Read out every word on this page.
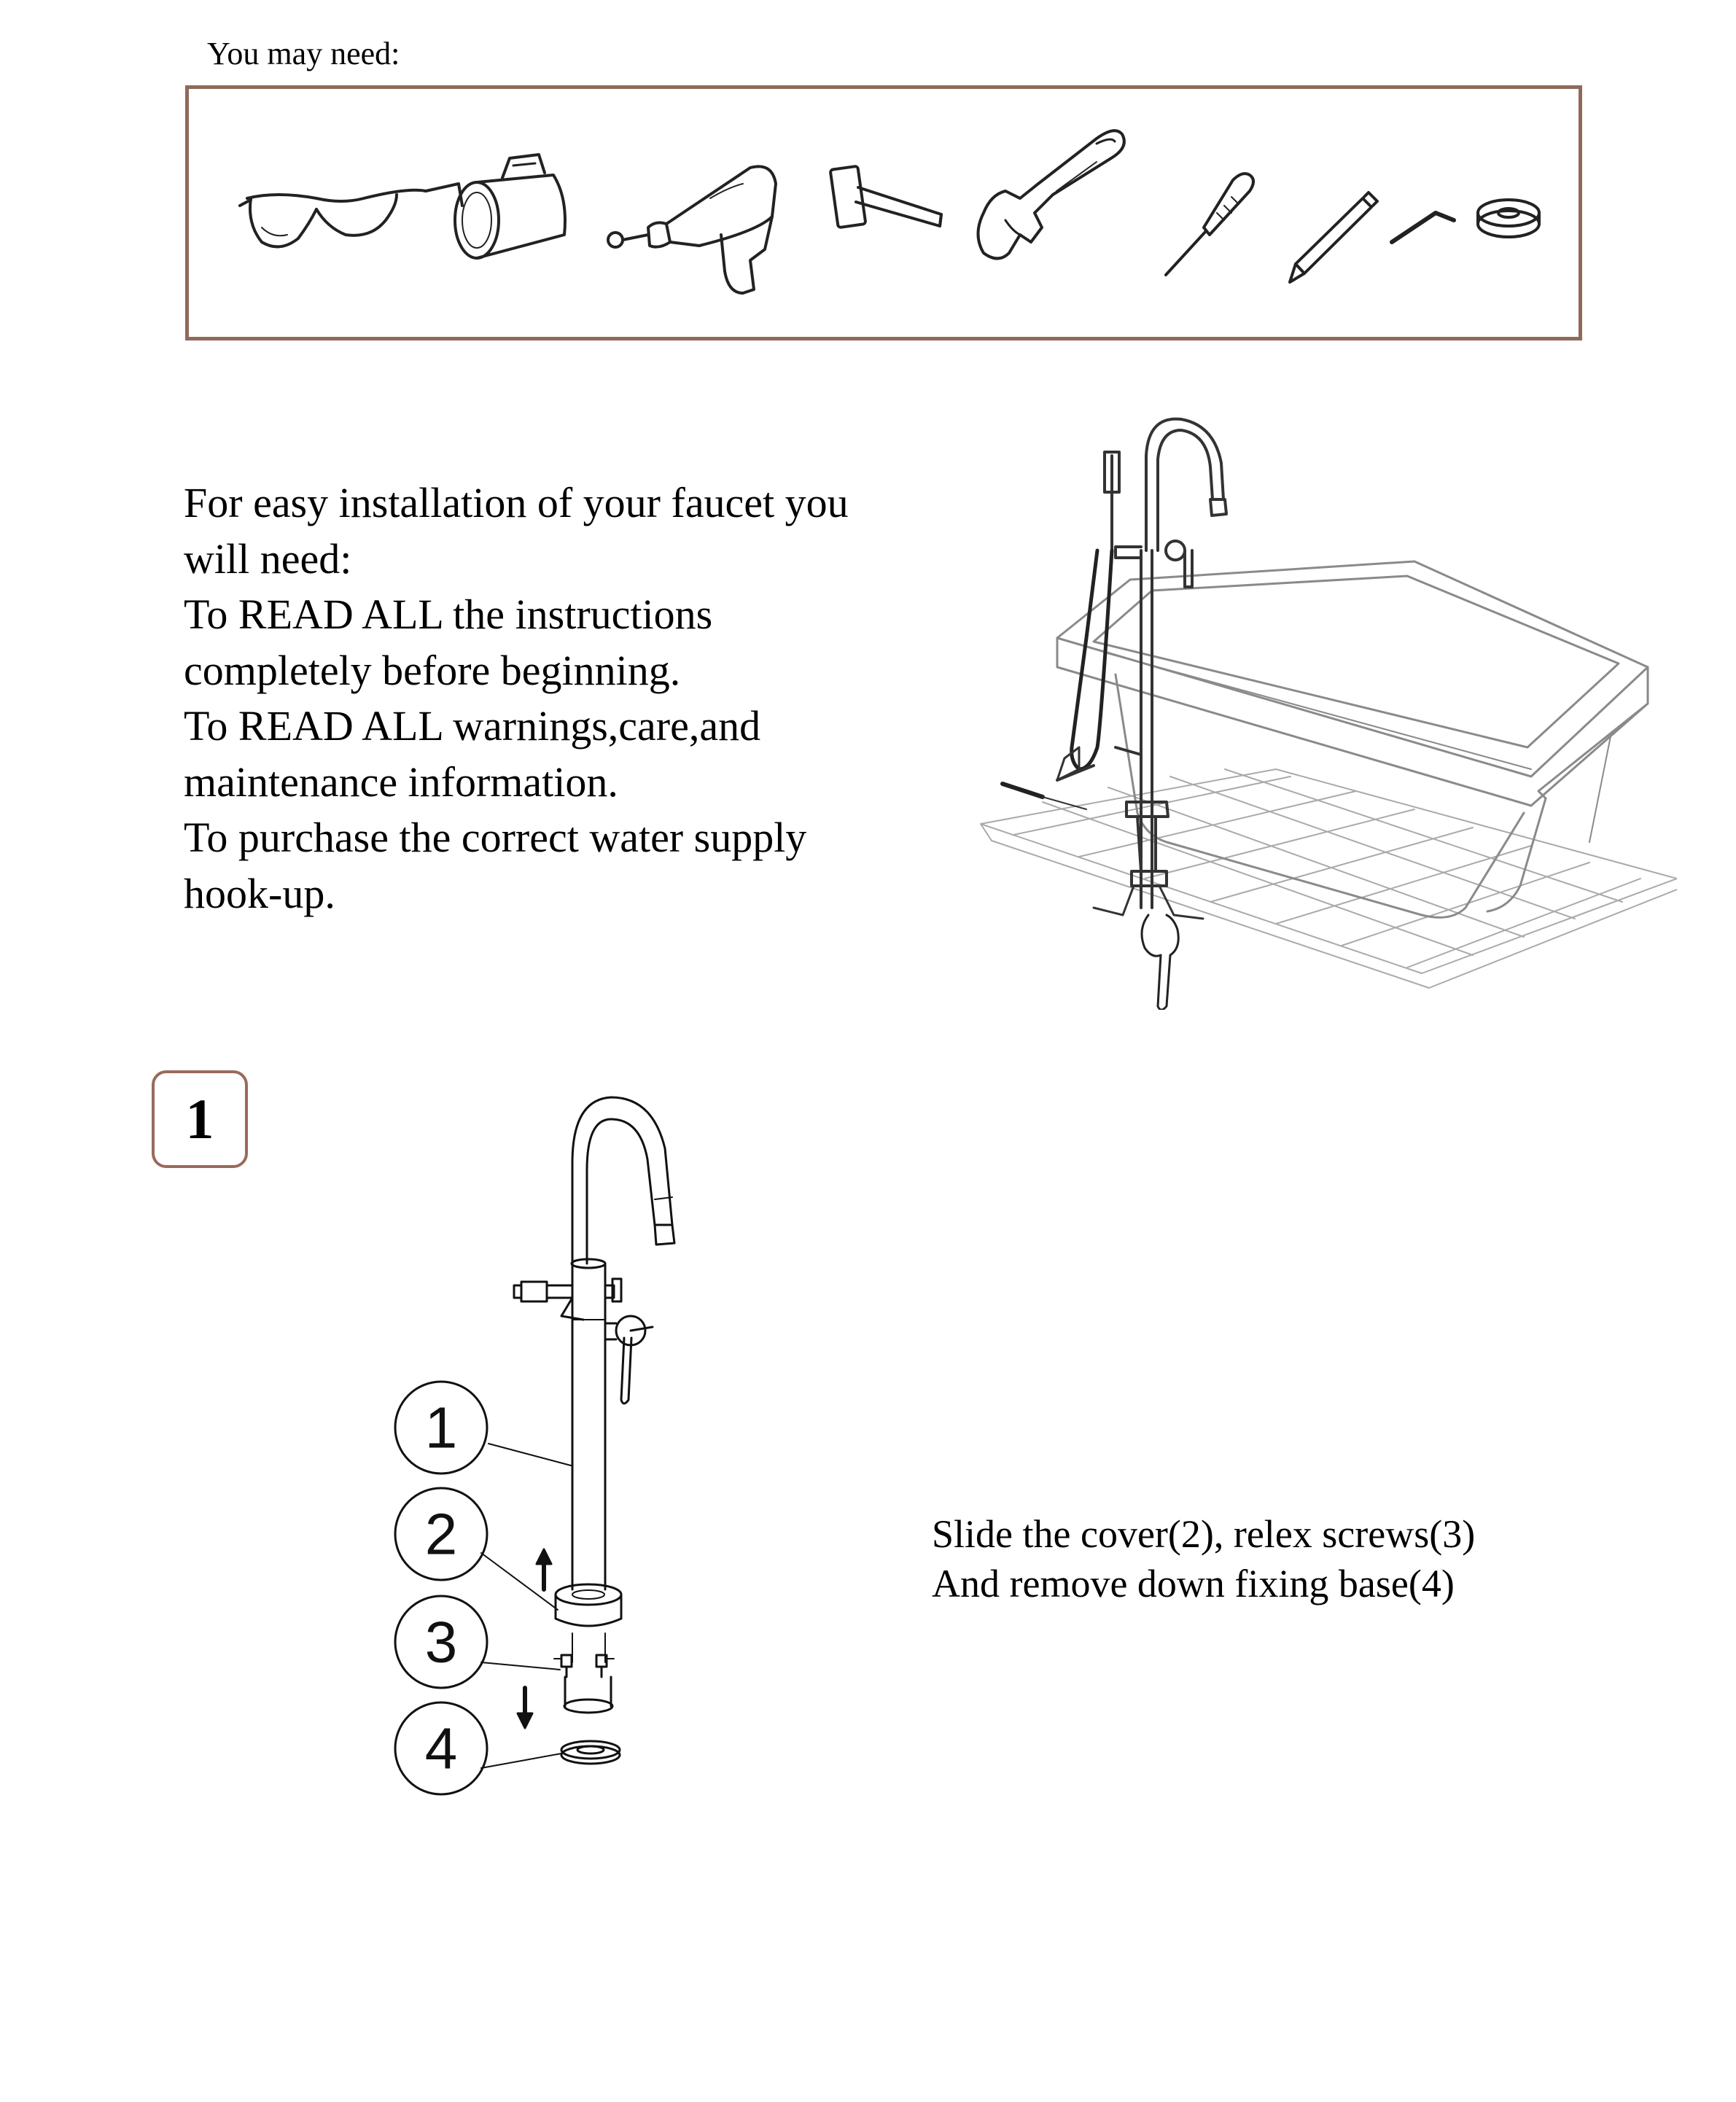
You may need:

For easy installation of your faucet you

will need:

To READ ALL the instructions

completely before beginning.

To READ ALL warnings,care,and

maintenance information.

To purchase the correct water supply

hook-up.

1
1
2
3
4

Slide the cover(2), relex screws(3)

And remove down fixing base(4)
